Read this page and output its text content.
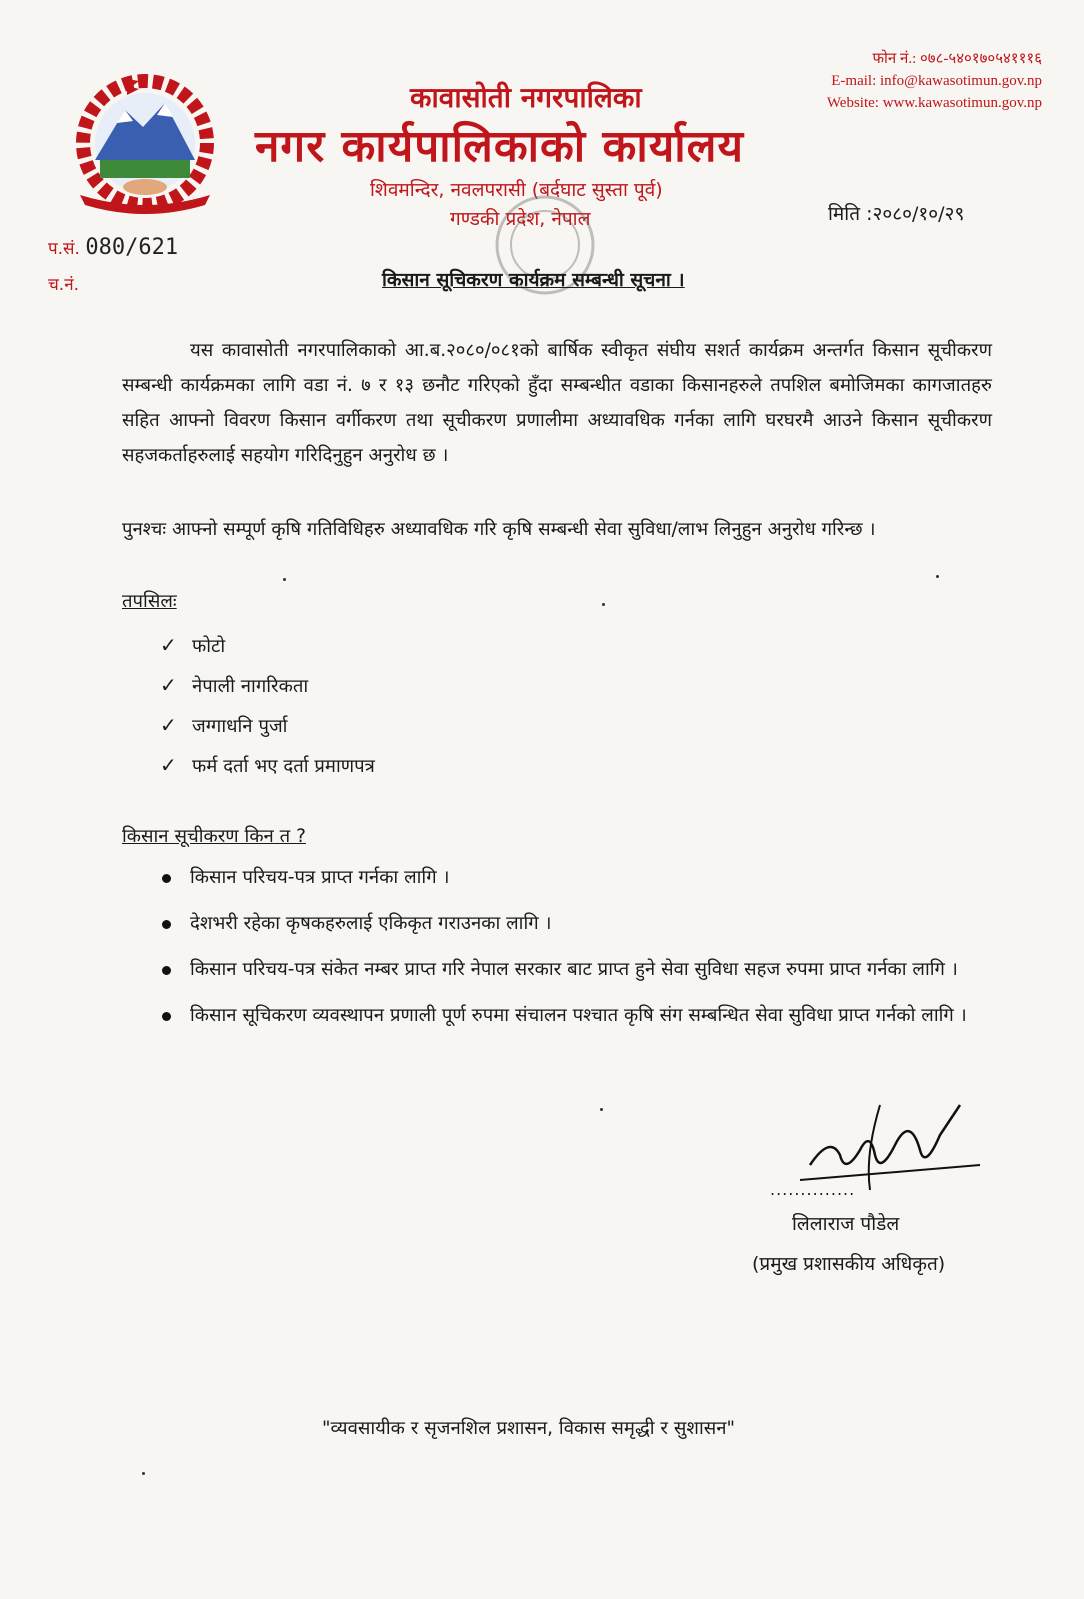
कावासोती नगरपालिका
नगर कार्यपालिकाको कार्यालय
शिवमन्दिर, नवलपरासी (बर्दघाट सुस्ता पूर्व)
गण्डकी प्रदेश, नेपाल
फोन नं.: ०७८-५४०१७०५४१११६
E-mail: info@kawasotimun.gov.np
Website: www.kawasotimun.gov.np
मिति :२०८०/१०/२९
प.सं. 080/621
च.नं.	किसान सूचिकरण कार्यक्रम सम्बन्धी सूचना ।
यस कावासोती नगरपालिकाको आ.ब.२०८०/०८१को बार्षिक स्वीकृत संघीय सशर्त कार्यक्रम अन्तर्गत किसान सूचीकरण सम्बन्धी कार्यक्रमका लागि वडा नं. ७ र १३ छनौट गरिएको हुँदा सम्बन्धीत वडाका किसानहरुले तपशिल बमोजिमका कागजातहरु सहित आफ्नो विवरण किसान वर्गीकरण तथा सूचीकरण प्रणालीमा अध्यावधिक गर्नका लागि घरघरमै आउने किसान सूचीकरण सहजकर्ताहरुलाई सहयोग गरिदिनुहुन अनुरोध छ ।
पुनश्चः आफ्नो सम्पूर्ण कृषि गतिविधिहरु अध्यावधिक गरि कृषि सम्बन्धी सेवा सुविधा/लाभ लिनुहुन अनुरोध गरिन्छ ।
तपसिलः
✓ फोटो
✓ नेपाली नागरिकता
✓ जग्गाधनि पुर्जा
✓ फर्म दर्ता भए दर्ता प्रमाणपत्र
किसान सूचीकरण किन त ?
किसान परिचय-पत्र प्राप्त गर्नका लागि ।
देशभरी रहेका कृषकहरुलाई एकिकृत गराउनका लागि ।
किसान परिचय-पत्र संकेत नम्बर प्राप्त गरि नेपाल सरकार बाट प्राप्त हुने सेवा सुविधा सहज रुपमा प्राप्त गर्नका लागि ।
किसान सूचिकरण व्यवस्थापन प्रणाली पूर्ण रुपमा संचालन पश्चात कृषि संग सम्बन्धित सेवा सुविधा प्राप्त गर्नको लागि ।
..............
लिलाराज पौडेल
(प्रमुख प्रशासकीय अधिकृत)
"व्यवसायीक र सृजनशिल प्रशासन, विकास समृद्धी र सुशासन"
